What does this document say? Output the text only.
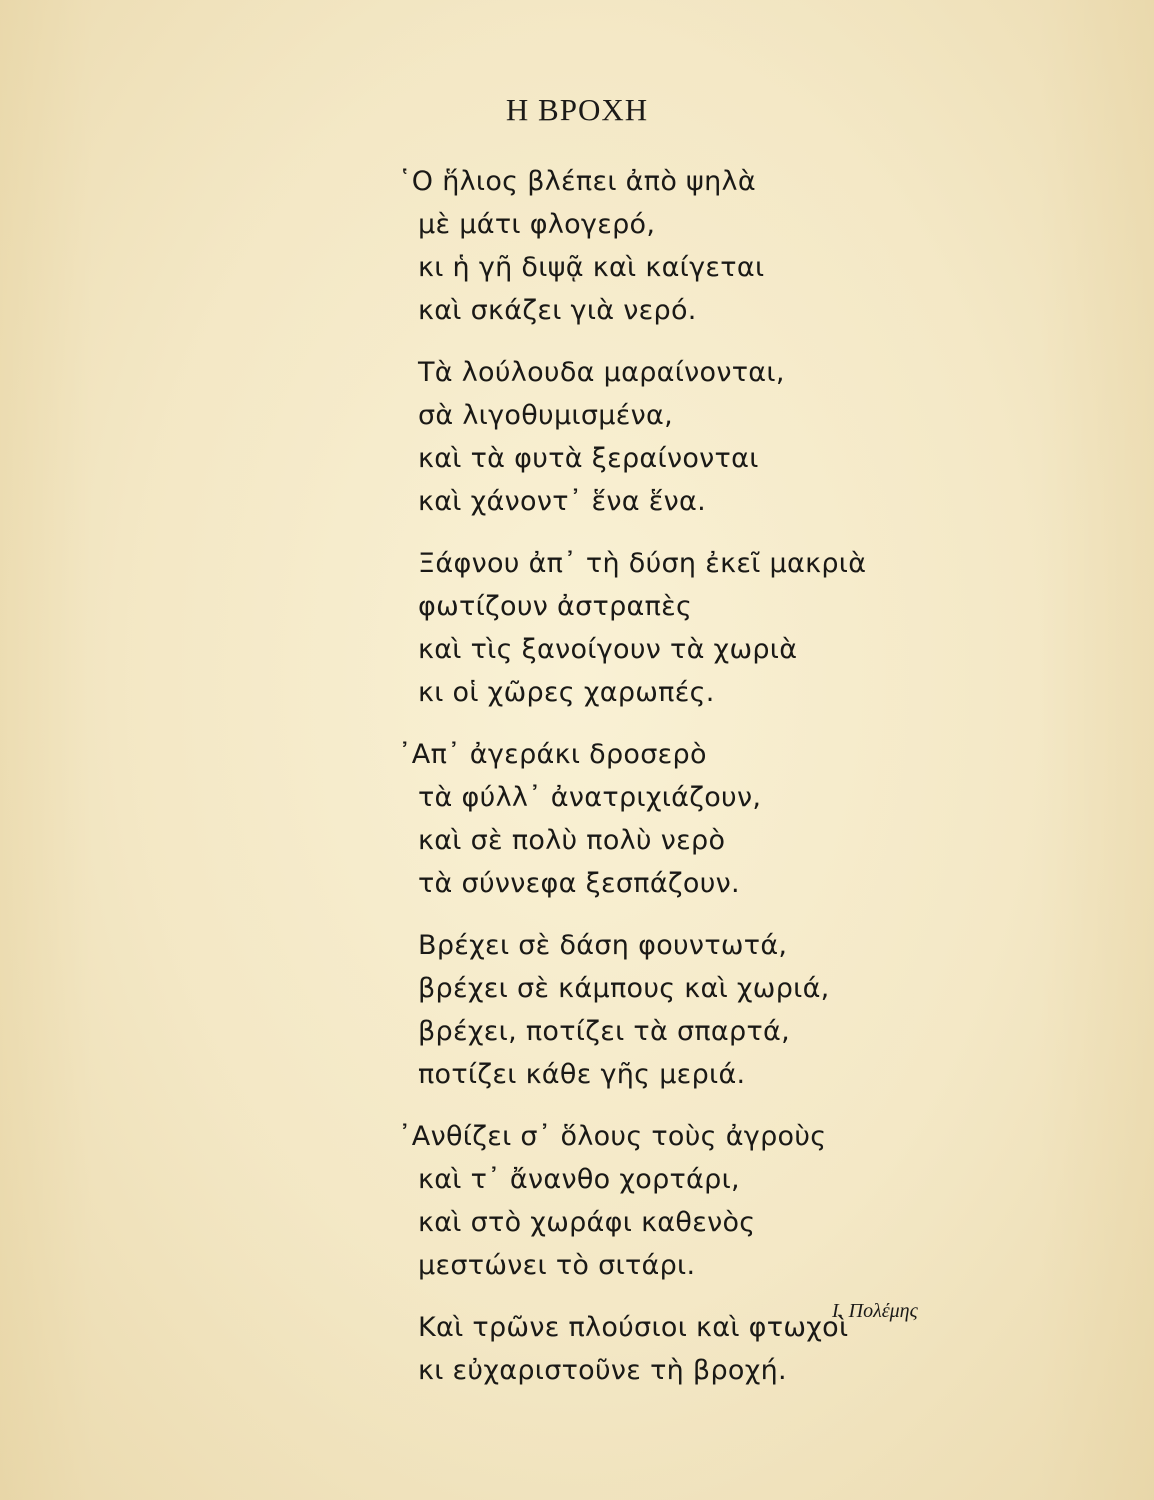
Η ΒΡΟΧΗ
῾Ο ἥλιος βλέπει ἀπὸ ψηλὰ
μὲ μάτι φλογερό,
κι ἡ γῆ διψᾷ καὶ καίγεται
καὶ σκάζει γιὰ νερό.
Τὰ λούλουδα μαραίνονται,
σὰ λιγοθυμισμένα,
καὶ τὰ φυτὰ ξεραίνονται
καὶ χάνοντ᾽ ἕνα ἕνα.
Ξάφνου ἀπ᾽ τὴ δύση ἐκεῖ μακριὰ
φωτίζουν ἀστραπὲς
καὶ τὶς ξανοίγουν τὰ χωριὰ
κι οἱ χῶρες χαρωπές.
᾽Απ᾽ ἀγεράκι δροσερὸ
τὰ φύλλ᾽ ἀνατριχιάζουν,
καὶ σὲ πολὺ πολὺ νερὸ
τὰ σύννεφα ξεσπάζουν.
Βρέχει σὲ δάση φουντωτά,
βρέχει σὲ κάμπους καὶ χωριά,
βρέχει, ποτίζει τὰ σπαρτά,
ποτίζει κάθε γῆς μεριά.
᾽Ανθίζει σ᾽ ὅλους τοὺς ἀγροὺς
καὶ τ᾽ ἄνανθο χορτάρι,
καὶ στὸ χωράφι καθενὸς
μεστώνει τὸ σιτάρι.
Καὶ τρῶνε πλούσιοι καὶ φτωχοὶ
κι εὐχαριστοῦνε τὴ βροχή.
Ι. Πολέμης
